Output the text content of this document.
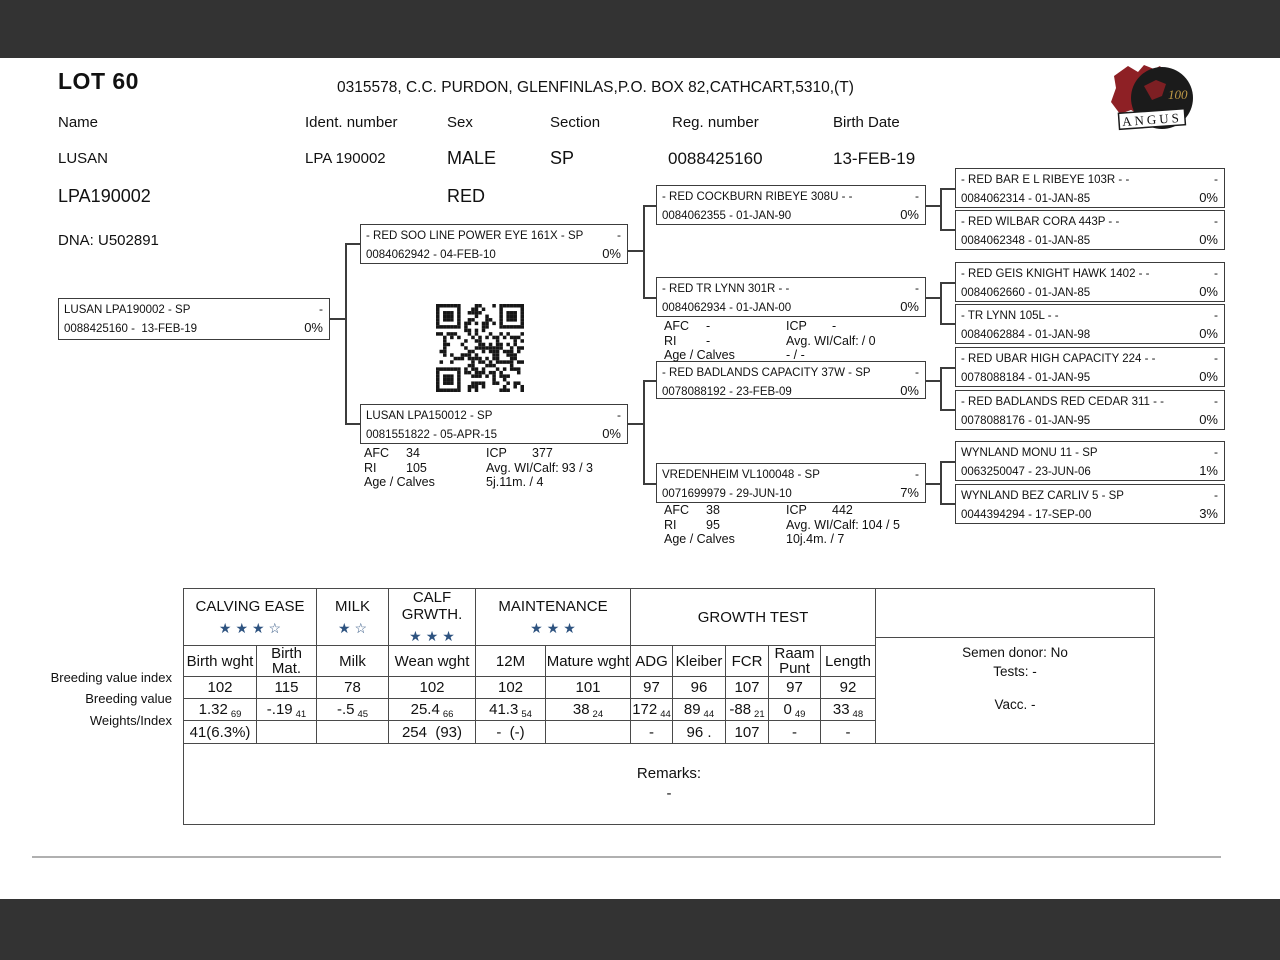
LOT 60	0315578, C.C. PURDON, GLENFINLAS,P.O. BOX 82,CATHCART,5310,(T)
Name	Ident. number	Sex	Section	Reg. number	Birth Date
LUSAN	LPA 190002	MALE	SP	0088425160	13-FEB-19
LPA190002	RED
DNA: U502891
100
ANGUS
LUSAN LPA190002 - SP	-
0088425160 -  13-FEB-19	0%
- RED SOO LINE POWER EYE 161X - SP	-
0084062942 - 04-FEB-10	0%
LUSAN LPA150012 - SP	-
0081551822 - 05-APR-15	0%
- RED COCKBURN RIBEYE 308U - -	-
0084062355 - 01-JAN-90	0%
- RED TR LYNN 301R - -	-
0084062934 - 01-JAN-00	0%
- RED BADLANDS CAPACITY 37W - SP	-
0078088192 - 23-FEB-09	0%
VREDENHEIM VL100048 - SP	-
0071699979 - 29-JUN-10	7%
- RED BAR E L RIBEYE 103R - -	-
0084062314 - 01-JAN-85	0%
- RED WILBAR CORA 443P - -	-
0084062348 - 01-JAN-85	0%
- RED GEIS KNIGHT HAWK 1402 - -	-
0084062660 - 01-JAN-85	0%
- TR LYNN 105L - -	-
0084062884 - 01-JAN-98	0%
- RED UBAR HIGH CAPACITY 224 - -	-
0078088184 - 01-JAN-95	0%
- RED BADLANDS RED CEDAR 311 - -	-
0078088176 - 01-JAN-95	0%
WYNLAND MONU 11 - SP	-
0063250047 - 23-JUN-06	1%
WYNLAND BEZ CARLIV 5 - SP	-
0044394294 - 17-SEP-00	3%
AFC	-	ICP	-
RI	-	Avg. WI/Calf: / 0
Age / Calves	- / -
AFC	34	ICP	377
RI	105	Avg. WI/Calf: 93 / 3
Age / Calves	5j.11m. / 4
AFC	38	ICP	442
RI	95	Avg. WI/Calf: 104 / 5
Age / Calves	10j.4m. / 7
Breeding value index
Breeding value
Weights/Index
CALVING EASE
★★★☆

MILK
★☆

CALF GRWTH.
★★★

MAINTENANCE
★★★

GROWTH TEST

Semen donor: No
Tests: -
Vacc. -

Birth wght	Birth Mat.	Milk	Wean wght	12M	Mature wght	ADG	Kleiber	FCR	Raam Punt	Length	
102	115	78	102	102	101	97	96	107	97	92	
1.32 $_{69}$	-.19 $_{41}$	-.5 $_{45}$	25.4 $_{66}$	41.3 $_{54}$	38 $_{24}$	172 $_{44}$	89 $_{44}$	-88 $_{21}$	0 $_{49}$	33 $_{48}$
41(6.3%)			254  (93)	-  (-)		-	96 .	107	-	-	

Remarks:
-											
